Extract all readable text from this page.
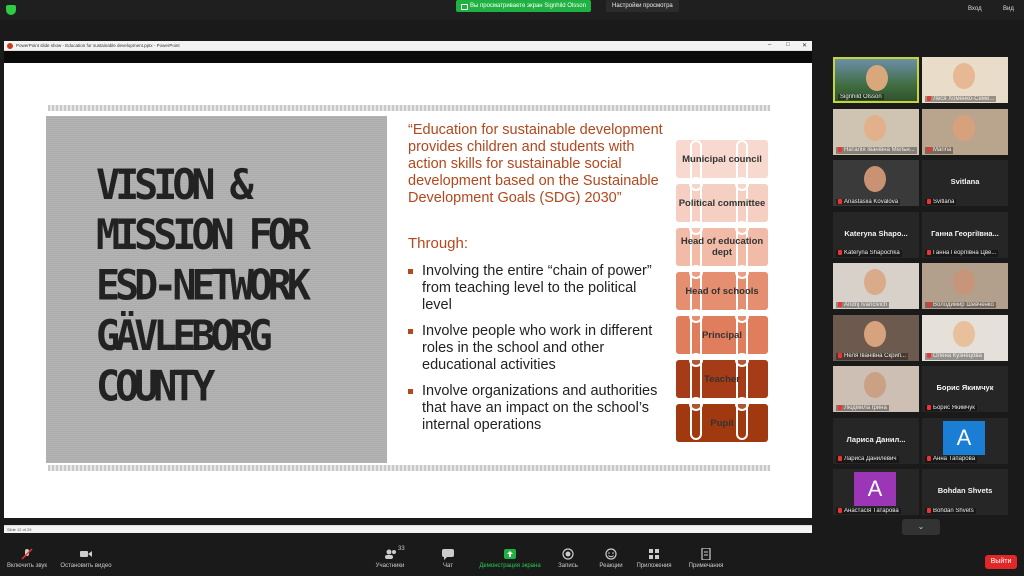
Вы просматриваете экран Signhild Olsson	Настройки просмотра	Вход	Вид
PowerPoint slide show - Education for sustainable development.pptx - PowerPoint	– □ ✕
VISION &
MISSION FOR
ESD-NETWORK
GÄVLEBORG
COUNTY
“Education for sustainable development provides children and students with action skills for sustainable social development based on the Sustainable Development Goals (SDG) 2030”
Through:
Involving the entire “chain of power” from teaching level to the political level
Involve people who work in different roles in the school and other educational activities
Involve organizations and authorities that have an impact on the school’s internal operations
Municipal council
Political committee
Head of education dept
Head of schools
Principal
Teacher
Pupil
Slide 12 of 29
Signhild Olsson	Леся Хоменко-Семе...
Наталія Іванівна Мельн...	Marina
Anastasiia Kovalova
Svitlana
Svitlana
Kateryna Shapo...
Kateryna Shapochka
Ганна Георгіївна...
Ганна Георгіївна Цве...
Andrij Ivancivich	Володимир Шевченко
Неля Іванівна Скрип...	Олена Кузнецова
Людмила Ірина
Борис Якимчук
Борис Якимчук
Лариса Данил...
Лариса Данилевич
A
Анна Тапарова
A
Анастасія Татарова
Bohdan Shvets
Bohdan Shvets
⌄
Включить звук	Остановить видео
33
Участники	Чат	Демонстрация экрана	Запись	Реакции	Приложения	Примечания
Выйти
